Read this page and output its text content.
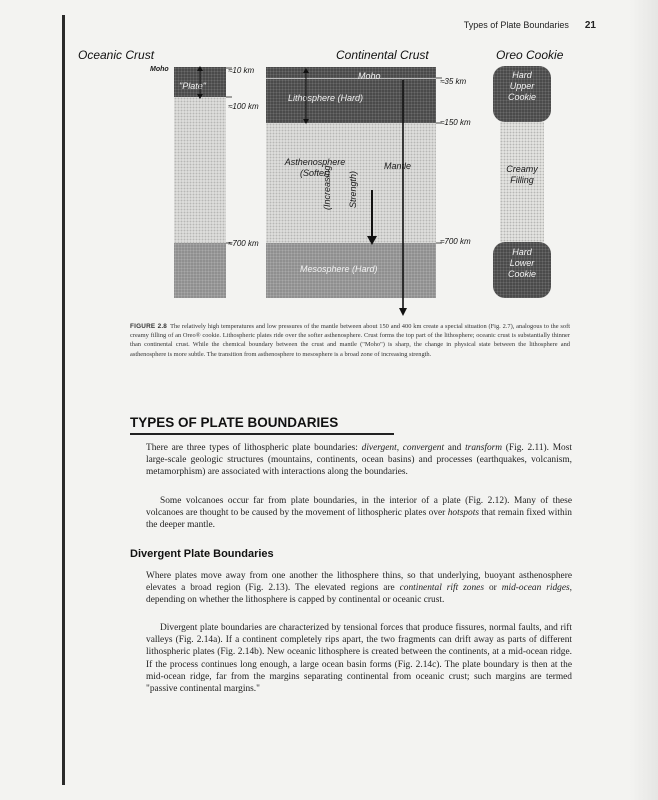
Types of Plate Boundaries 21
Oceanic Crust
Moho
"Plate"
≈10 km
≈100 km
≈700 km
Continental Crust
Moho
Lithosphere (Hard)
Asthenosphere
(Softer)
Mantle
(Increasing Strength)
Mesosphere (Hard)
≈35 km
≈150 km
≈700 km
Oreo Cookie
Hard
Upper
Cookie
Creamy
Filling
Hard
Lower
Cookie
FIGURE 2.8 The relatively high temperatures and low pressures of the mantle between about 150 and 400 km create a special situation (Fig. 2.7), analogous to the soft creamy filling of an Oreo® cookie. Lithospheric plates ride over the softer asthenosphere. Crust forms the top part of the lithosphere; oceanic crust is substantially thinner than continental crust. While the chemical boundary between the crust and mantle ("Moho") is sharp, the change in physical state between the lithosphere and asthenosphere is more subtle. The transition from asthenosphere to mesosphere is a broad zone of increasing strength.
TYPES OF PLATE BOUNDARIES

There are three types of lithospheric plate boundaries: divergent, convergent and transform (Fig. 2.11). Most large-scale geologic structures (mountains, continents, ocean basins) and processes (earthquakes, volcanism, metamorphism) are associated with interactions along the boundaries.

Some volcanoes occur far from plate boundaries, in the interior of a plate (Fig. 2.12). Many of these volcanoes are thought to be caused by the movement of lithospheric plates over hotspots that remain fixed within the deeper mantle.

Divergent Plate Boundaries

Where plates move away from one another the lithosphere thins, so that underlying, buoyant asthenosphere elevates a broad region (Fig. 2.13). The elevated regions are continental rift zones or mid-ocean ridges, depending on whether the lithosphere is capped by continental or oceanic crust.

Divergent plate boundaries are characterized by tensional forces that produce fissures, normal faults, and rift valleys (Fig. 2.14a). If a continent completely rips apart, the two fragments can drift away as parts of different lithospheric plates (Fig. 2.14b). New oceanic lithosphere is created between the continents, at a mid-ocean ridge. If the process continues long enough, a large ocean basin forms (Fig. 2.14c). The plate boundary is then at the mid-ocean ridge, far from the margins separating continental from oceanic crust; such margins are termed "passive continental margins."
